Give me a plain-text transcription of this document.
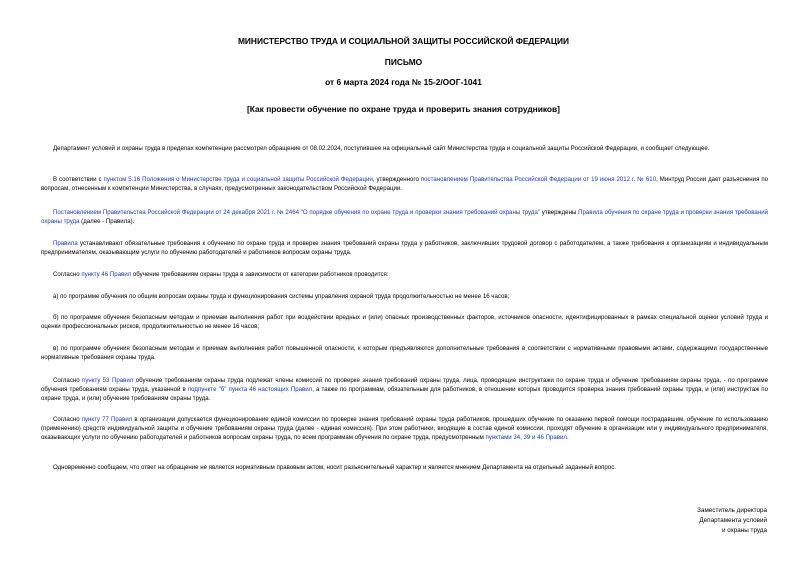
МИНИСТЕРСТВО ТРУДА И СОЦИАЛЬНОЙ ЗАЩИТЫ РОССИЙСКОЙ ФЕДЕРАЦИИ
ПИСЬМО
от 6 марта 2024 года № 15-2/ООГ-1041
[Как провести обучение по охране труда и проверить знания сотрудников]

Департамент условий и охраны труда в пределах компетенции рассмотрел обращение от 08.02.2024, поступившее на официальный сайт Министерства труда и социальной защиты Российской Федерации, и сообщает следующее.

В соответствии с пунктом 5.16 Положения о Министерстве труда и социальной защиты Российской Федерации, утвержденного постановлением Правительства Российской Федерации от 19 июня 2012 г. № 610, Минтруд России дает разъяснения по вопросам, отнесенным к компетенции Министерства, в случаях, предусмотренных законодательством Российской Федерации.

Постановлением Правительства Российской Федерации от 24 декабря 2021 г. № 2464 "О порядке обучения по охране труда и проверки знания требований охраны труда" утверждены Правила обучения по охране труда и проверки знания требований охраны труда (далее - Правила).

Правила устанавливают обязательные требования к обучению по охране труда и проверке знания требований охраны труда у работников, заключивших трудовой договор с работодателем, а также требования к организациям и индивидуальным предпринимателям, оказывающим услуги по обучению работодателей и работников вопросам охраны труда.

Согласно пункту 46 Правил обучение требованиям охраны труда в зависимости от категории работников проводится:

а) по программе обучения по общим вопросам охраны труда и функционирования системы управления охраной труда продолжительностью не менее 16 часов;

б) по программе обучения безопасным методам и приемам выполнения работ при воздействии вредных и (или) опасных производственных факторов, источников опасности, идентифицированных в рамках специальной оценки условий труда и оценки профессиональных рисков, продолжительностью не менее 16 часов;

в) по программе обучения безопасным методам и приемам выполнения работ повышенной опасности, к которым предъявляются дополнительные требования в соответствии с нормативными правовыми актами, содержащими государственные нормативные требования охраны труда.

Согласно пункту 53 Правил обучение требованиям охраны труда подлежат члены комиссий по проверке знания требований охраны труда, лица, проводящие инструктажи по охране труда и обучение требованиям охраны труда, - по программе обучения требованиям охраны труда, указанной в подпункте "б" пункта 46 настоящих Правил, а также по программам, обязательным для работников, в отношении которых проводится проверка знания требований охраны труда, и (или) инструктаж по охране труда, и (или) обучение требованиям охраны труда.

Согласно пункту 77 Правил в организации допускается функционирование единой комиссии по проверке знания требований охраны труда работников, прошедших обучение по оказанию первой помощи пострадавшим, обучение по использованию (применению) средств индивидуальной защиты и обучение требованиям охраны труда (далее - единая комиссия). При этом работники, входящие в состав единой комиссии, проходят обучение в организации или у индивидуального предпринимателя, оказывающих услуги по обучению работодателей и работников вопросам охраны труда, по всем программам обучения по охране труда, предусмотренным пунктами 34, 39 и 46 Правил.

Одновременно сообщаем, что ответ на обращение не является нормативным правовым актом, носит разъяснительный характер и является мнением Департамента на отдельный заданный вопрос.

Заместитель директора
Департамента условий
и охраны труда
